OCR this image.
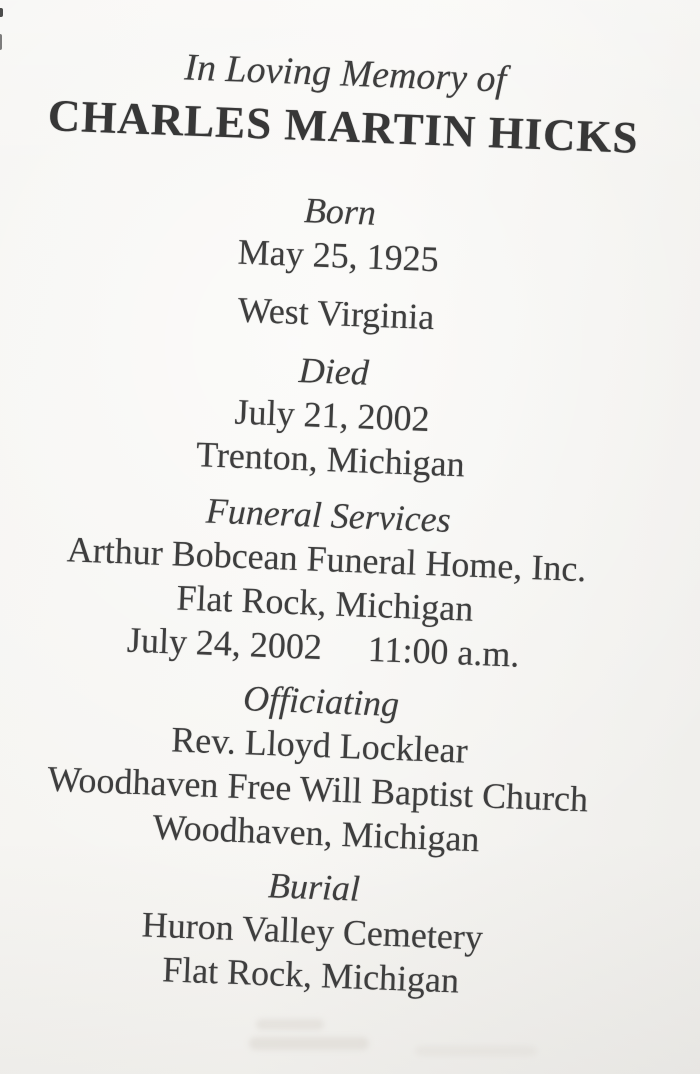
In Loving Memory of
CHARLES MARTIN HICKS
Born
May 25, 1925
West Virginia
Died
July 21, 2002
Trenton, Michigan
Funeral Services
Arthur Bobcean Funeral Home, Inc.
Flat Rock, Michigan
July 24, 2002 11:00 a.m.
Officiating
Rev. Lloyd Locklear
Woodhaven Free Will Baptist Church
Woodhaven, Michigan
Burial
Huron Valley Cemetery
Flat Rock, Michigan
